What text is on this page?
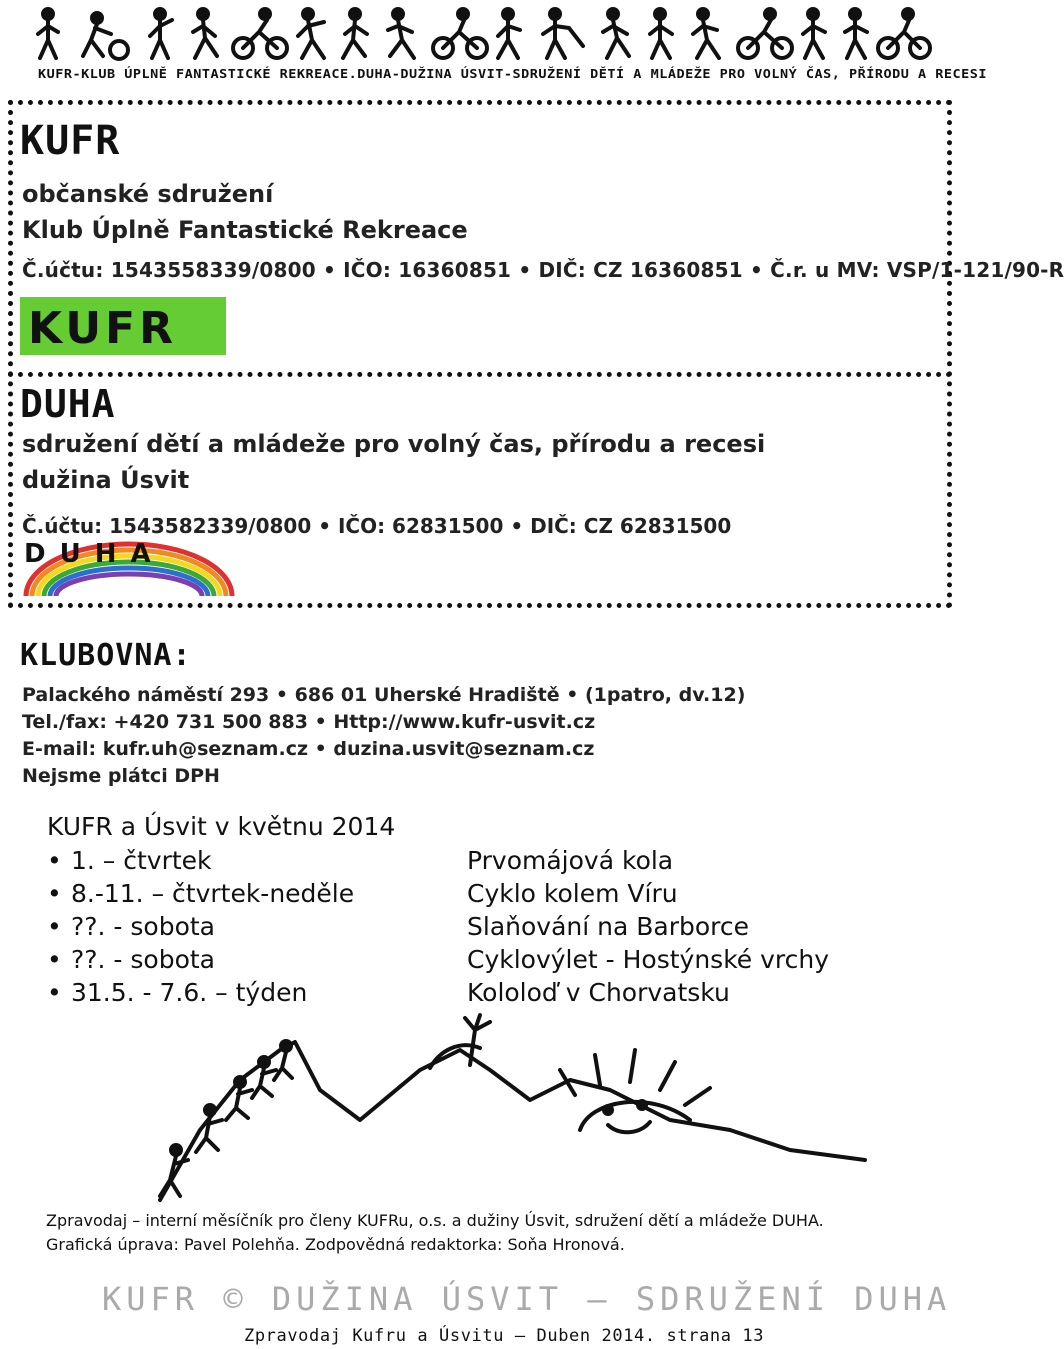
KUFR-KLUB ÚPLNĚ FANTASTICKÉ REKREACE.DUHA-DUŽINA ÚSVIT-SDRUŽENÍ DĚTÍ A MLÁDEŽE PRO VOLNÝ ČAS, PŘÍRODU A RECESI
KUFR
občanské sdružení
Klub Úplně Fantastické Rekreace
Č.účtu: 1543558339/0800 • IČO: 16360851 • DIČ: CZ 16360851 • Č.r. u MV: VSP/1-121/90-R
KUFR
DUHA
sdružení dětí a mládeže pro volný čas, přírodu a recesi
dužina Úsvit
Č.účtu: 1543582339/0800 • IČO: 62831500 • DIČ: CZ 62831500
DUHA
KLUBOVNA:
Palackého náměstí 293 • 686 01 Uherské Hradiště • (1patro, dv.12)
Tel./fax: +420 731 500 883 • Http://www.kufr-usvit.cz
E-mail: kufr.uh@seznam.cz • duzina.usvit@seznam.cz
Nejsme plátci DPH
KUFR a Úsvit v květnu 2014
• 1. – čtvrtek	Prvomájová kola
• 8.-11. – čtvrtek-neděle	Cyklo kolem Víru
• ??. - sobota	Slaňování na Barborce
• ??. - sobota	Cyklovýlet - Hostýnské vrchy
• 31.5. - 7.6. – týden	Kololoď v Chorvatsku
Zpravodaj – interní měsíčník pro členy KUFRu, o.s. a dužiny Úsvit, sdružení dětí a mládeže DUHA.
Grafická úprava: Pavel Polehňa. Zodpovědná redaktorka: Soňa Hronová.
KUFR © DUŽINA ÚSVIT – SDRUŽENÍ DUHA
Zpravodaj Kufru a Úsvitu – Duben 2014. strana 13
